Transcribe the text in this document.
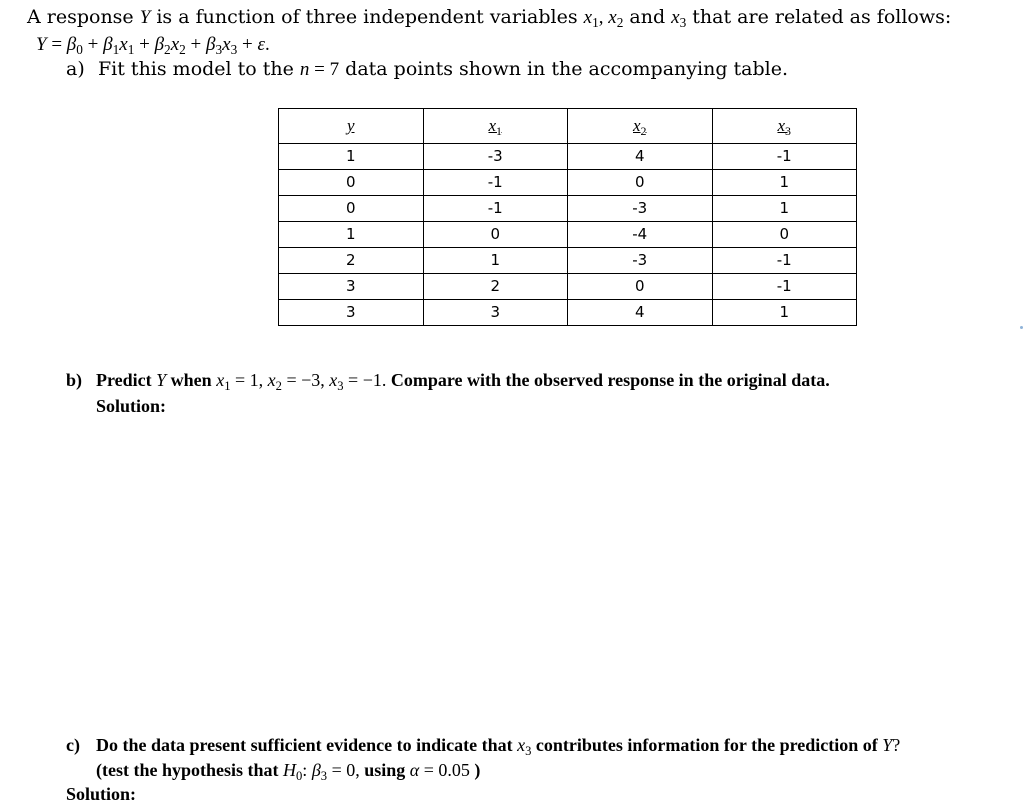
A response Y is a function of three independent variables $x_1$, $x_2$ and $x_3$ that are related as follows:
$Y = \beta_0 + \beta_1x_1 + \beta_2x_2 + \beta_3x_3 + \varepsilon$.
a) Fit this model to the n = 7 data points shown in the accompanying table.
y	$x_1$	$x_2$	$x_3$
1	-3	4	-1
0	-1	0	1
0	-1	-3	1
1	0	-4	0
2	1	-3	-1
3	2	0	-1
3	3	4	1
b) Predict Y when $x_1 = 1$, $x_2 = -3$, $x_3 = -1$. Compare with the observed response in the original data.
Solution:
c) Do the data present sufficient evidence to indicate that $x_3$ contributes information for the prediction of Y?
(test the hypothesis that $H_0$: $\beta_3 = 0$, using α = 0.05 )
Solution:
